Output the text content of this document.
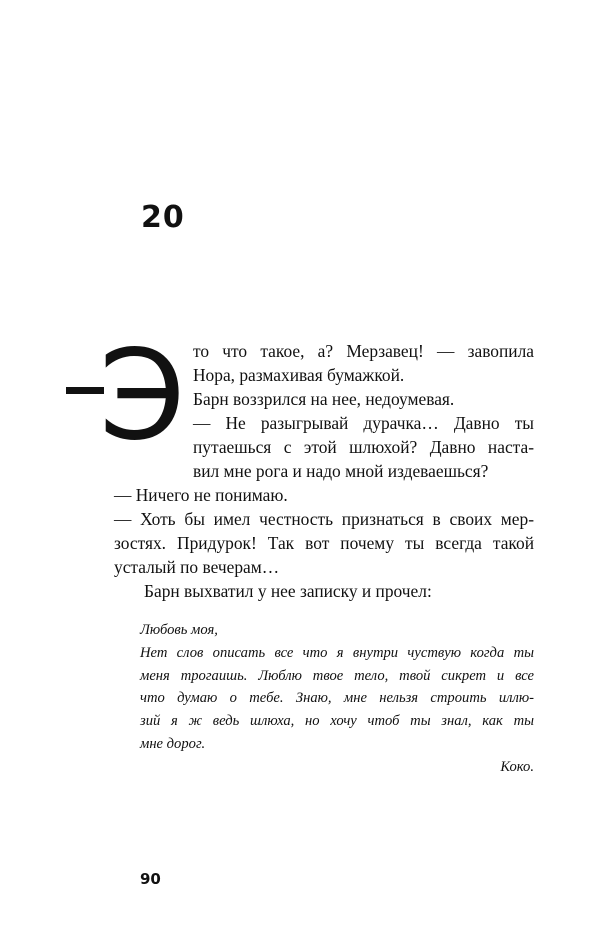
20
Э то что такое, а? Мерзавец! — завопила

Нора, размахивая бумажкой.

Барн воззрился на нее, недоумевая.

— Не разыгрывай дурачка… Давно ты

путаешься с этой шлюхой? Давно наста-

вил мне рога и надо мной издеваешься?

— Ничего не понимаю.

— Хоть бы имел честность признаться в своих мер-

зостях. Придурок! Так вот почему ты всегда такой

усталый по вечерам…

Барн выхватил у нее записку и прочел:

Любовь моя,

Нет слов описать все что я внутри чуствую когда ты

меня трогаишь. Люблю твое тело, твой сикрет и все

что думаю о тебе. Знаю, мне нельзя строить иллю-

зий я ж ведь шлюха, но хочу чтоб ты знал, как ты

мне дорог.

Коко.

90
